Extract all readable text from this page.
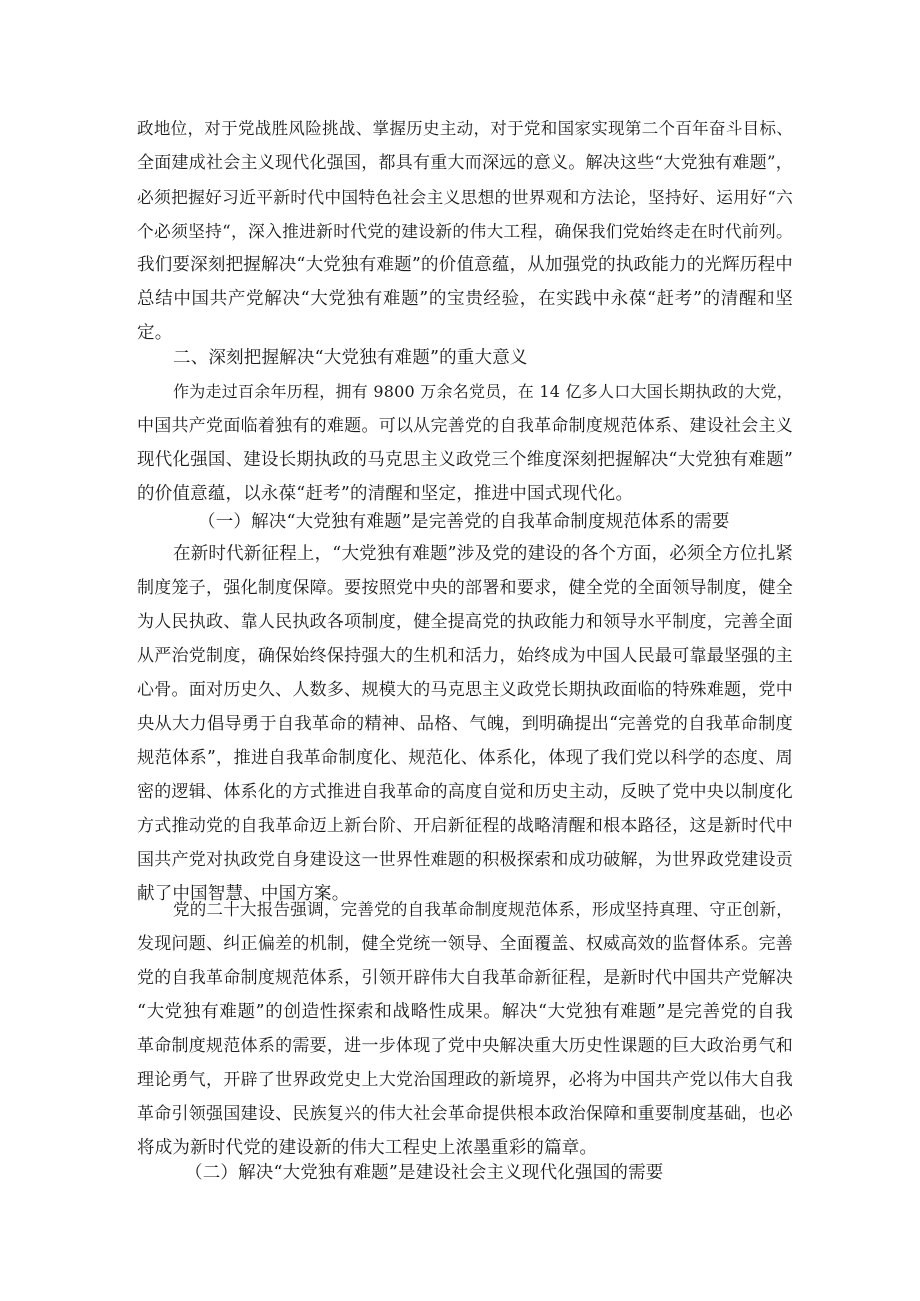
政地位，对于党战胜风险挑战、掌握历史主动，对于党和国家实现第二个百年奋斗目标、
全面建成社会主义现代化强国，都具有重大而深远的意义。解决这些“大党独有难题”，
必须把握好习近平新时代中国特色社会主义思想的世界观和方法论，坚持好、运用好“六
个必须坚持“，深入推进新时代党的建设新的伟大工程，确保我们党始终走在时代前列。
我们要深刻把握解决“大党独有难题”的价值意蕴，从加强党的执政能力的光辉历程中
总结中国共产党解决“大党独有难题”的宝贵经验，在实践中永葆“赶考”的清醒和坚
定。
二、深刻把握解决“大党独有难题”的重大意义
作为走过百余年历程，拥有 9800 万余名党员，在 14 亿多人口大国长期执政的大党，
中国共产党面临着独有的难题。可以从完善党的自我革命制度规范体系、建设社会主义
现代化强国、建设长期执政的马克思主义政党三个维度深刻把握解决“大党独有难题”
的价值意蕴，以永葆“赶考”的清醒和坚定，推进中国式现代化。
（一）解决“大党独有难题”是完善党的自我革命制度规范体系的需要
在新时代新征程上，“大党独有难题”涉及党的建设的各个方面，必须全方位扎紧
制度笼子，强化制度保障。要按照党中央的部署和要求，健全党的全面领导制度，健全
为人民执政、靠人民执政各项制度，健全提高党的执政能力和领导水平制度，完善全面
从严治党制度，确保始终保持强大的生机和活力，始终成为中国人民最可靠最坚强的主
心骨。面对历史久、人数多、规模大的马克思主义政党长期执政面临的特殊难题，党中
央从大力倡导勇于自我革命的精神、品格、气魄，到明确提出“完善党的自我革命制度
规范体系”，推进自我革命制度化、规范化、体系化，体现了我们党以科学的态度、周
密的逻辑、体系化的方式推进自我革命的高度自觉和历史主动，反映了党中央以制度化
方式推动党的自我革命迈上新台阶、开启新征程的战略清醒和根本路径，这是新时代中
国共产党对执政党自身建设这一世界性难题的积极探索和成功破解，为世界政党建设贡
献了中国智慧、中国方案。
党的二十大报告强调，完善党的自我革命制度规范体系，形成坚持真理、守正创新，
发现问题、纠正偏差的机制，健全党统一领导、全面覆盖、权威高效的监督体系。完善
党的自我革命制度规范体系，引领开辟伟大自我革命新征程，是新时代中国共产党解决
“大党独有难题”的创造性探索和战略性成果。解决“大党独有难题”是完善党的自我
革命制度规范体系的需要，进一步体现了党中央解决重大历史性课题的巨大政治勇气和
理论勇气，开辟了世界政党史上大党治国理政的新境界，必将为中国共产党以伟大自我
革命引领强国建设、民族复兴的伟大社会革命提供根本政治保障和重要制度基础，也必
将成为新时代党的建设新的伟大工程史上浓墨重彩的篇章。
（二）解决“大党独有难题”是建设社会主义现代化强国的需要
